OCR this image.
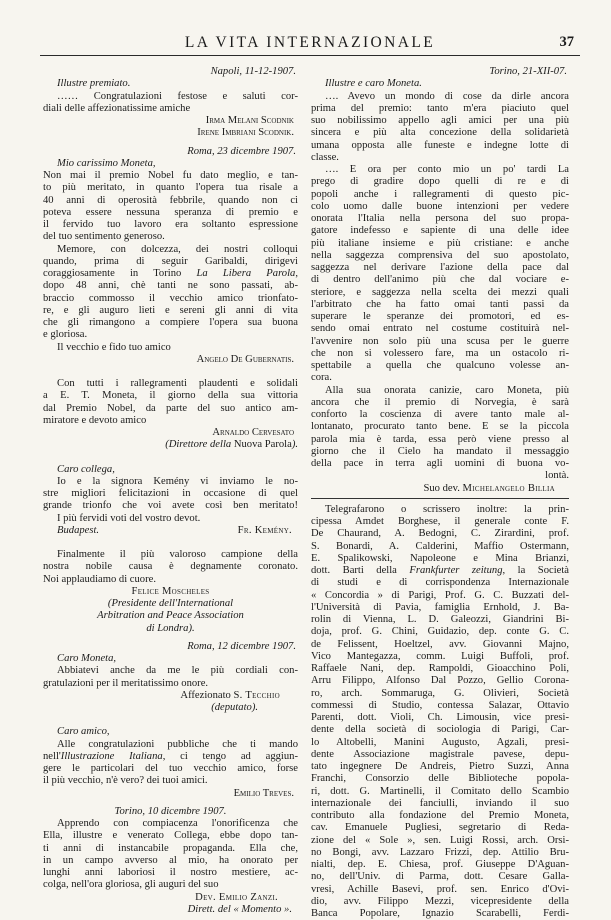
LA VITA INTERNAZIONALE	37
Napoli, 11-12-1907.

Illustre premiato.

…… Congratulazioni festose e saluti cor-

diali delle affezionatissime amiche

Irma Melani Scodnik

Irene Imbriani Scodnik.

Roma, 23 dicembre 1907.

Mio carissimo Moneta,

Non mai il premio Nobel fu dato meglio, e tan-

to più meritato, in quanto l'opera tua risale a

40 anni di operosità febbrile, quando non ci

poteva essere nessuna speranza di premio e

il fervido tuo lavoro era soltanto espressione

del tuo sentimento generoso.

Memore, con dolcezza, dei nostri colloqui

quando, prima di seguir Garibaldi, dirigevi

coraggiosamente in Torino La Libera Parola,

dopo 48 anni, chè tanti ne sono passati, ab-

braccio commosso il vecchio amico trionfato-

re, e gli auguro lieti e sereni gli anni di vita

che gli rimangono a compiere l'opera sua buona

e gloriosa.

Il vecchio e fido tuo amico

Angelo De Gubernatis.

Con tutti i rallegramenti plaudenti e solidali

a E. T. Moneta, il giorno della sua vittoria

dal Premio Nobel, da parte del suo antico am-

miratore e devoto amico

Arnaldo Cervesato

(Direttore della Nuova Parola).

Caro collega,

Io e la signora Kemény vi inviamo le no-

stre migliori felicitazioni in occasione di quel

grande trionfo che voi avete così ben meritato!

I più fervidi voti del vostro devot.

Budapest.	Fr. Kemény.

Finalmente il più valoroso campione della

nostra nobile causa è degnamente coronato.

Noi applaudiamo di cuore.

Felice Moscheles

(Presidente dell'International

Arbitration and Peace Association

di Londra).

Roma, 12 dicembre 1907.

Caro Moneta,

Abbiatevi anche da me le più cordiali con-

gratulazioni per il meritatissimo onore.

Affezionato S. Tecchio

(deputato).

Caro amico,

Alle congratulazioni pubbliche che ti mando

nell'Illustrazione Italiana, ci tengo ad aggiun-

gere le particolari del tuo vecchio amico, forse

il più vecchio, n'è vero? dei tuoi amici.

Emilio Treves.

Torino, 10 dicembre 1907.

Apprendo con compiacenza l'onorificenza che

Ella, illustre e venerato Collega, ebbe dopo tan-

ti anni di instancabile propaganda. Ella che,

in un campo avverso al mio, ha onorato per

lunghi anni laboriosi il nostro mestiere, ac-

colga, nell'ora gloriosa, gli auguri del suo

Dev. Emilio Zanzi.

Dirett. del « Momento ».

Torino, 21-XII-07.

Illustre e caro Moneta.

…. Avevo un mondo di cose da dirle ancora

prima del premio: tanto m'era piaciuto quel

suo nobilissimo appello agli amici per una più

sincera e più alta concezione della solidarietà

umana opposta alle funeste e indegne lotte di

classe.

…. E ora per conto mio un po' tardi La

prego di gradire dopo quelli di re e di

popoli anche i rallegramenti di questo pic-

colo uomo dalle buone intenzioni per vedere

onorata l'Italia nella persona del suo propa-

gatore indefesso e sapiente di una delle idee

più italiane insieme e più cristiane: e anche

nella saggezza comprensiva del suo apostolato,

saggezza nel derivare l'azione della pace dal

di dentro dell'animo più che dal vociare e-

steriore, e saggezza nella scelta dei mezzi quali

l'arbitrato che ha fatto omai tanti passi da

superare le speranze dei promotori, ed es-

sendo omai entrato nel costume costituirà nel-

l'avvenire non solo più una scusa per le guerre

che non si volessero fare, ma un ostacolo ri-

spettabile a quella che qualcuno volesse an-

cora.

Alla sua onorata canizie, caro Moneta, più

ancora che il premio di Norvegia, è sarà

conforto la coscienza di avere tanto male al-

lontanato, procurato tanto bene. E se la piccola

parola mia è tarda, essa però viene presso al

giorno che il Cielo ha mandato il messaggio

della pace in terra agli uomini di buona vo-

lontà.

Suo dev. Michelangelo Billia

Telegrafarono o scrissero inoltre: la prin-

cipessa Amdet Borghese, il generale conte F.

De Chaurand, A. Bedogni, C. Zirardini, prof.

S. Bonardi, A. Calderini, Maffio Ostermann,

E. Spalikowski, Napoleone e Mina Brianzi,

dott. Barti della Frankfurter zeitung, la Società

di studi e di corrispondenza Internazionale

« Concordia » di Parigi, Prof. G. C. Buzzati del-

l'Università di Pavia, famiglia Ernhold, J. Ba-

rolin di Vienna, L. D. Galeozzi, Giandrini Bi-

doja, prof. G. Chini, Guidazio, dep. conte G. C.

de Felissent, Hoeltzel, avv. Giovanni Majno,

Vico Mantegazza, comm. Luigi Buffoli, prof.

Raffaele Nani, dep. Rampoldi, Gioacchino Poli,

Arru Filippo, Alfonso Dal Pozzo, Gellio Corona-

ro, arch. Sommaruga, G. Olivieri, Società

commessi di Studio, contessa Salazar, Ottavio

Parenti, dott. Violi, Ch. Limousin, vice presi-

dente della società di sociologia di Parigi, Car-

lo Altobelli, Manini Augusto, Agzali, presi-

dente Associazione magistrale pavese, depu-

tato ingegnere De Andreis, Pietro Suzzi, Anna

Franchi, Consorzio delle Biblioteche popola-

ri, dott. G. Martinelli, il Comitato dello Scambio

internazionale dei fanciulli, inviando il suo

contributo alla fondazione del Premio Moneta,

cav. Emanuele Pugliesi, segretario di Reda-

zione del « Sole », sen. Luigi Rossi, arch. Orsi-

no Bongi, avv. Lazzaro Frizzi, dep. Attilio Bru-

nialti, dep. E. Chiesa, prof. Giuseppe D'Aguan-

no, dell'Univ. di Parma, dott. Cesare Galla-

vresi, Achille Basevi, prof. sen. Enrico d'Ovi-

dio, avv. Filippo Mezzi, vicepresidente della

Banca Popolare, Ignazio Scarabelli, Ferdi-
